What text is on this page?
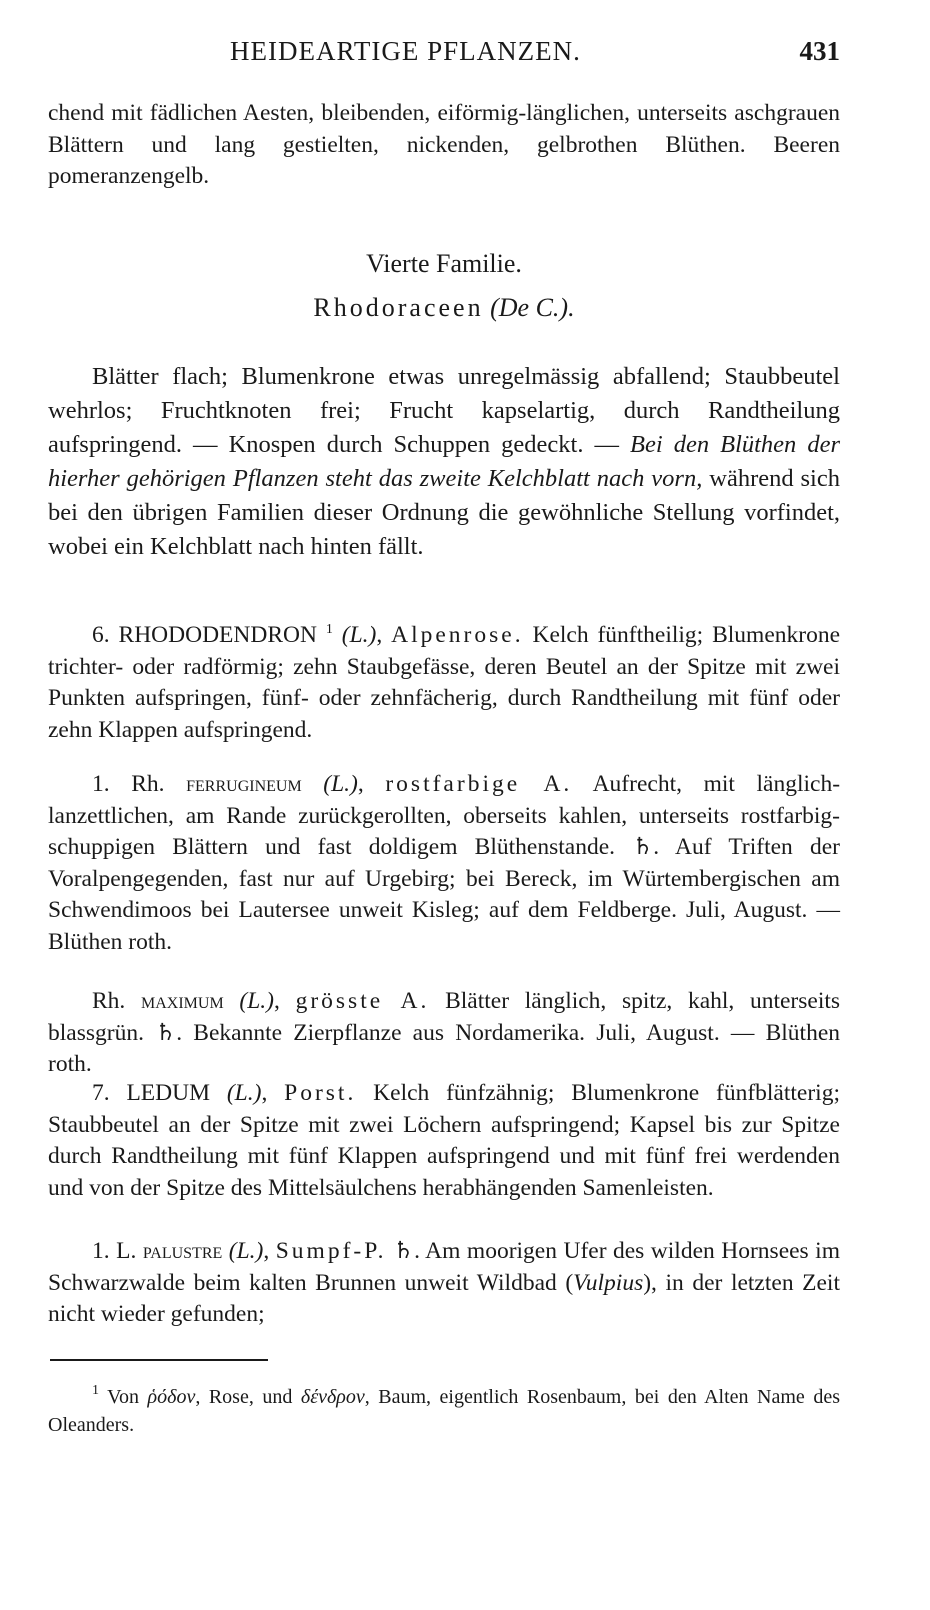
HEIDEARTIGE PFLANZEN.	431

chend mit fädlichen Aesten, bleibenden, eiförmig-länglichen, unterseits aschgrauen Blättern und lang gestielten, nickenden, gelbrothen Blüthen. Beeren pomeranzengelb.

Vierte Familie.
Rhodoraceen (De C.).

Blätter flach; Blumenkrone etwas unregelmässig abfallend; Staubbeutel wehrlos; Fruchtknoten frei; Frucht kapselartig, durch Randtheilung aufspringend. — Knospen durch Schuppen gedeckt. — Bei den Blüthen der hierher gehörigen Pflanzen steht das zweite Kelchblatt nach vorn, während sich bei den übrigen Familien dieser Ordnung die gewöhnliche Stellung vorfindet, wobei ein Kelchblatt nach hinten fällt.

6. RHODODENDRON $^1$ (L.), Alpenrose. Kelch fünftheilig; Blumenkrone trichter- oder radförmig; zehn Staubgefässe, deren Beutel an der Spitze mit zwei Punkten aufspringen, fünf- oder zehnfächerig, durch Randtheilung mit fünf oder zehn Klappen aufspringend.

1. Rh. ferrugineum (L.), rostfarbige A. Aufrecht, mit länglich-lanzettlichen, am Rande zurückgerollten, oberseits kahlen, unterseits rostfarbig-schuppigen Blättern und fast doldigem Blüthenstande. ♄. Auf Triften der Voralpengegenden, fast nur auf Urgebirg; bei Bereck, im Würtembergischen am Schwendimoos bei Lautersee unweit Kisleg; auf dem Feldberge. Juli, August. — Blüthen roth.

Rh. maximum (L.), grösste A. Blätter länglich, spitz, kahl, unterseits blassgrün. ♄. Bekannte Zierpflanze aus Nordamerika. Juli, August. — Blüthen roth.

7. LEDUM (L.), Porst. Kelch fünfzähnig; Blumenkrone fünfblätterig; Staubbeutel an der Spitze mit zwei Löchern aufspringend; Kapsel bis zur Spitze durch Randtheilung mit fünf Klappen aufspringend und mit fünf frei werdenden und von der Spitze des Mittelsäulchens herabhängenden Samenleisten.

1. L. palustre (L.), Sumpf-P. ♄. Am moorigen Ufer des wilden Hornsees im Schwarzwalde beim kalten Brunnen unweit Wildbad (Vulpius), in der letzten Zeit nicht wieder gefunden;

$^1$ Von ῥόδον, Rose, und δένδρον, Baum, eigentlich Rosenbaum, bei den Alten Name des Oleanders.
